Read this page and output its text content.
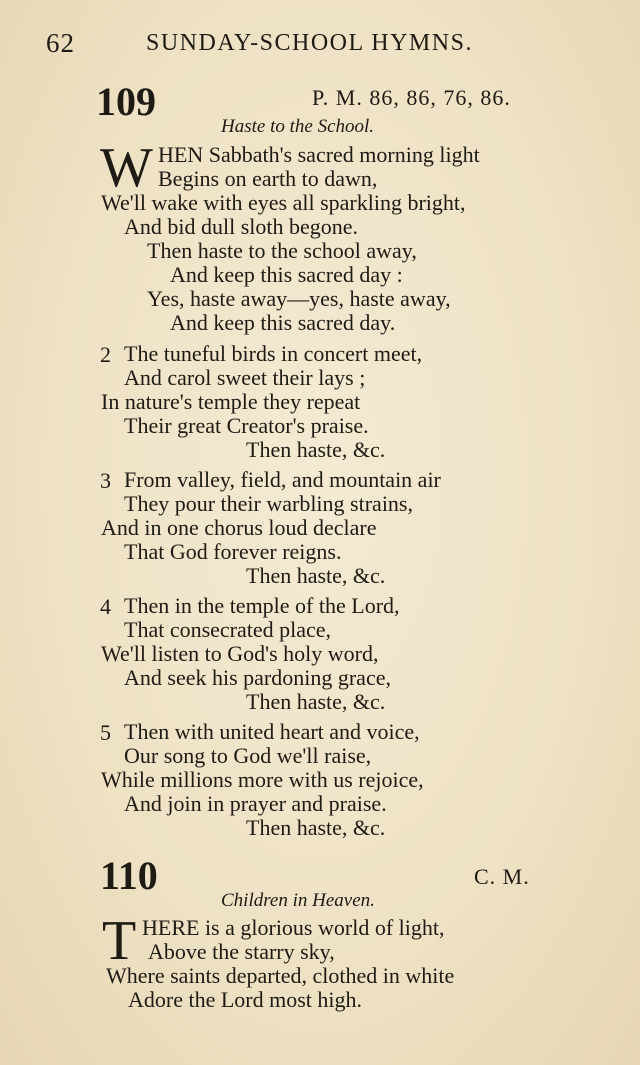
62	SUNDAY-SCHOOL HYMNS.
109	P. M. 86, 86, 76, 86.
Haste to the School.
W HEN Sabbath's sacred morning light
Begins on earth to dawn,
We'll wake with eyes all sparkling bright,
And bid dull sloth begone.
Then haste to the school away,
And keep this sacred day :
Yes, haste away—yes, haste away,
And keep this sacred day.
2 The tuneful birds in concert meet,
And carol sweet their lays ;
In nature's temple they repeat
Their great Creator's praise.
Then haste, &c.
3 From valley, field, and mountain air
They pour their warbling strains,
And in one chorus loud declare
That God forever reigns.
Then haste, &c.
4 Then in the temple of the Lord,
That consecrated place,
We'll listen to God's holy word,
And seek his pardoning grace,
Then haste, &c.
5 Then with united heart and voice,
Our song to God we'll raise,
While millions more with us rejoice,
And join in prayer and praise.
Then haste, &c.
110	C. M.
Children in Heaven.
T HERE is a glorious world of light,
Above the starry sky,
Where saints departed, clothed in white
Adore the Lord most high.
